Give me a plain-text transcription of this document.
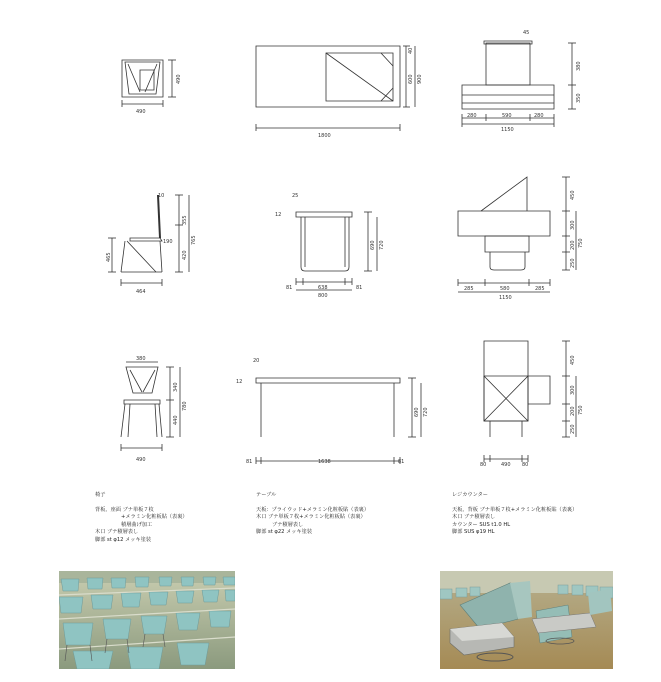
490
490
1800
40
600 900
45
380
350
280	590	280
1150
10
355
765
190
465	420
464
25
12
690 720
81	638	81
800
450
300
200 750
250
285	580	285
1150
380
340
780
440
490
20
12
690 720
81	1638	81
450
300
200 750
250
80	490 80
椅子
背板、座面 ブナ単板７枚
+メラミン化粧板貼（表裏）
積層曲げ加工
木口 ブナ積層表し
脚部 st φ12 メッキ塗装
テーブル
天板：プライウッド+メラミン化粧板貼（表裏）
木口 ブナ単板７枚+メラミン化粧板貼（表裏）
ブナ積層表し
脚部 st φ22 メッキ塗装
レジカウンター
天板、背板 ブナ単板７枚+メラミン化粧板貼（表裏）
木口 ブナ積層表し
カウンター SUS t1.0 HL
脚部 SUS φ19 HL
